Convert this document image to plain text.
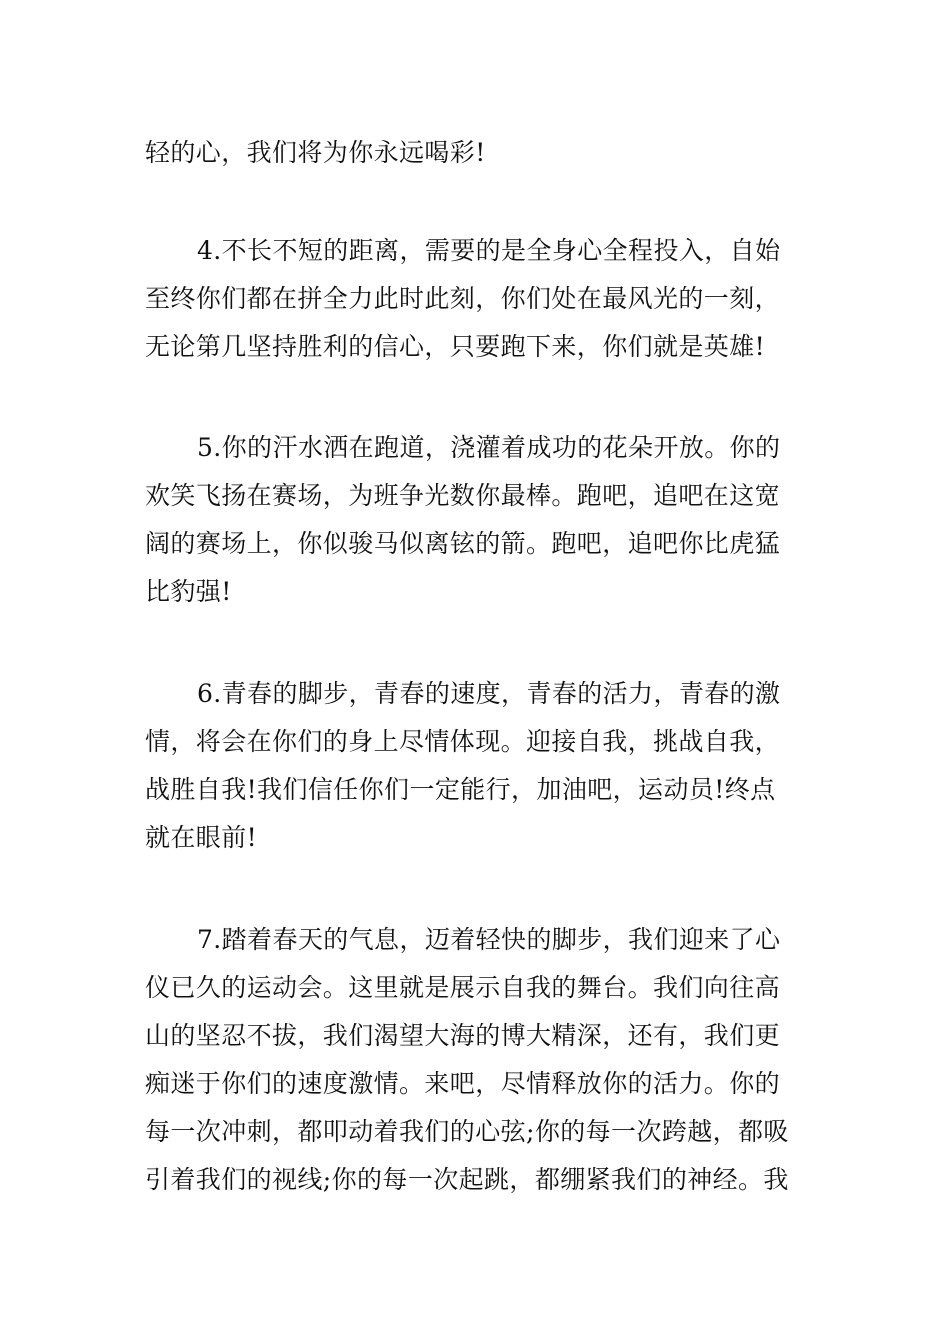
轻的心，我们将为你永远喝彩!

4.不长不短的距离，需要的是全身心全程投入，自始
至终你们都在拼全力此时此刻，你们处在最风光的一刻，
无论第几坚持胜利的信心，只要跑下来，你们就是英雄!

5.你的汗水洒在跑道，浇灌着成功的花朵开放。你的
欢笑飞扬在赛场，为班争光数你最棒。跑吧，追吧在这宽
阔的赛场上，你似骏马似离铉的箭。跑吧，追吧你比虎猛
比豹强!

6.青春的脚步，青春的速度，青春的活力，青春的激
情，将会在你们的身上尽情体现。迎接自我，挑战自我，
战胜自我!我们信任你们一定能行，加油吧，运动员!终点
就在眼前!

7.踏着春天的气息，迈着轻快的脚步，我们迎来了心
仪已久的运动会。这里就是展示自我的舞台。我们向往高
山的坚忍不拔，我们渴望大海的博大精深，还有，我们更
痴迷于你们的速度激情。来吧，尽情释放你的活力。你的
每一次冲刺，都叩动着我们的心弦;你的每一次跨越，都吸
引着我们的视线;你的每一次起跳，都绷紧我们的神经。我
